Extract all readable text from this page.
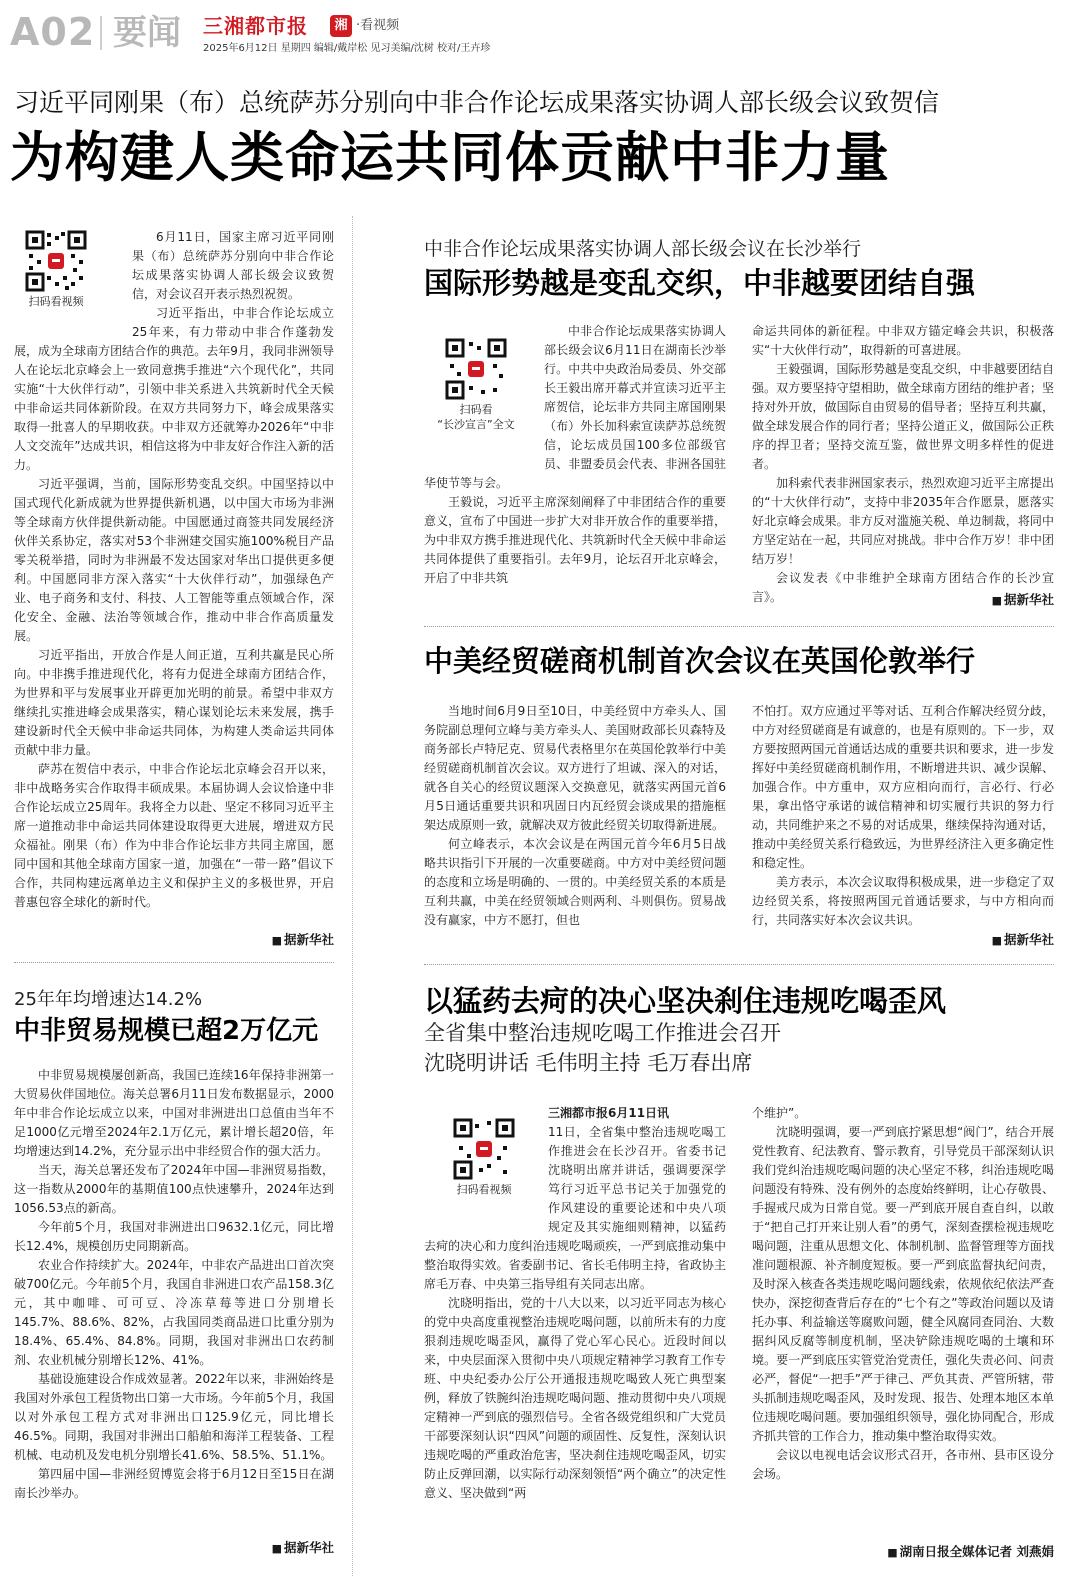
A02 要闻 三湘都市报	湘 ·看视频
2025年6月12日 星期四 编辑/戴岸松 见习美编/沈树 校对/王卉珍
习近平同刚果（布）总统萨苏分别向中非合作论坛成果落实协调人部长级会议致贺信
为构建人类命运共同体贡献中非力量
扫码看视频

6月11日，国家主席习近平同刚果（布）总统萨苏分别向中非合作论坛成果落实协调人部长级会议致贺信，对会议召开表示热烈祝贺。

习近平指出，中非合作论坛成立25年来，有力带动中非合作蓬勃发展，成为全球南方团结合作的典范。去年9月，我同非洲领导人在论坛北京峰会上一致同意携手推进“六个现代化”，共同实施“十大伙伴行动”，引领中非关系进入共筑新时代全天候中非命运共同体新阶段。在双方共同努力下，峰会成果落实取得一批喜人的早期收获。中非双方还就筹办2026年“中非人文交流年”达成共识，相信这将为中非友好合作注入新的活力。

习近平强调，当前，国际形势变乱交织。中国坚持以中国式现代化新成就为世界提供新机遇，以中国大市场为非洲等全球南方伙伴提供新动能。中国愿通过商签共同发展经济伙伴关系协定，落实对53个非洲建交国实施100%税目产品零关税举措，同时为非洲最不发达国家对华出口提供更多便利。中国愿同非方深入落实“十大伙伴行动”，加强绿色产业、电子商务和支付、科技、人工智能等重点领域合作，深化安全、金融、法治等领域合作，推动中非合作高质量发展。

习近平指出，开放合作是人间正道，互利共赢是民心所向。中非携手推进现代化，将有力促进全球南方团结合作，为世界和平与发展事业开辟更加光明的前景。希望中非双方继续扎实推进峰会成果落实，精心谋划论坛未来发展，携手建设新时代全天候中非命运共同体，为构建人类命运共同体贡献中非力量。

萨苏在贺信中表示，中非合作论坛北京峰会召开以来，非中战略务实合作取得丰硕成果。本届协调人会议恰逢中非合作论坛成立25周年。我将全力以赴、坚定不移同习近平主席一道推动非中命运共同体建设取得更大进展，增进双方民众福祉。刚果（布）作为中非合作论坛非方共同主席国，愿同中国和其他全球南方国家一道，加强在“一带一路”倡议下合作，共同构建远离单边主义和保护主义的多极世界，开启普惠包容全球化的新时代。

■ 据新华社
25年年均增速达14.2%
中非贸易规模已超2万亿元

中非贸易规模屡创新高，我国已连续16年保持非洲第一大贸易伙伴国地位。海关总署6月11日发布数据显示，2000年中非合作论坛成立以来，中国对非洲进出口总值由当年不足1000亿元增至2024年2.1万亿元，累计增长超20倍，年均增速达到14.2%，充分显示出中非经贸合作的强大活力。

当天，海关总署还发布了2024年中国—非洲贸易指数，这一指数从2000年的基期值100点快速攀升，2024年达到1056.53点的新高。

今年前5个月，我国对非洲进出口9632.1亿元，同比增长12.4%，规模创历史同期新高。

农业合作持续扩大。2024年，中非农产品进出口首次突破700亿元。今年前5个月，我国自非洲进口农产品158.3亿元，其中咖啡、可可豆、冷冻草莓等进口分别增长145.7%、88.6%、82%，占我国同类商品进口比重分别为18.4%、65.4%、84.8%。同期，我国对非洲出口农药制剂、农业机械分别增长12%、41%。

基础设施建设合作成效显著。2022年以来，非洲始终是我国对外承包工程货物出口第一大市场。今年前5个月，我国以对外承包工程方式对非洲出口125.9亿元，同比增长46.5%。同期，我国对非洲出口船舶和海洋工程装备、工程机械、电动机及发电机分别增长41.6%、58.5%、51.1%。

第四届中国—非洲经贸博览会将于6月12日至15日在湖南长沙举办。

■ 据新华社
中非合作论坛成果落实协调人部长级会议在长沙举行
国际形势越是变乱交织，中非越要团结自强
扫码看
“长沙宣言”全文

中非合作论坛成果落实协调人部长级会议6月11日在湖南长沙举行。中共中央政治局委员、外交部长王毅出席开幕式并宣读习近平主席贺信，论坛非方共同主席国刚果（布）外长加科索宣读萨苏总统贺信，论坛成员国100多位部级官员、非盟委员会代表、非洲各国驻华使节等与会。

王毅说，习近平主席深刻阐释了中非团结合作的重要意义，宣布了中国进一步扩大对非开放合作的重要举措，为中非双方携手推进现代化、共筑新时代全天候中非命运共同体提供了重要指引。去年9月，论坛召开北京峰会，开启了中非共筑

命运共同体的新征程。中非双方锚定峰会共识，积极落实“十大伙伴行动”，取得新的可喜进展。

王毅强调，国际形势越是变乱交织，中非越要团结自强。双方要坚持守望相助，做全球南方团结的维护者；坚持对外开放，做国际自由贸易的倡导者；坚持互利共赢，做全球发展合作的同行者；坚持公道正义，做国际公正秩序的捍卫者；坚持交流互鉴，做世界文明多样性的促进者。

加科索代表非洲国家表示，热烈欢迎习近平主席提出的“十大伙伴行动”，支持中非2035年合作愿景，愿落实好北京峰会成果。非方反对滥施关税、单边制裁，将同中方坚定站在一起，共同应对挑战。非中合作万岁！非中团结万岁！

会议发表《中非维护全球南方团结合作的长沙宣言》。

■	据新华社
中美经贸磋商机制首次会议在英国伦敦举行

当地时间6月9日至10日，中美经贸中方牵头人、国务院副总理何立峰与美方牵头人、美国财政部长贝森特及商务部长卢特尼克、贸易代表格里尔在英国伦敦举行中美经贸磋商机制首次会议。双方进行了坦诚、深入的对话，就各自关心的经贸议题深入交换意见，就落实两国元首6月5日通话重要共识和巩固日内瓦经贸会谈成果的措施框架达成原则一致，就解决双方彼此经贸关切取得新进展。

何立峰表示，本次会议是在两国元首今年6月5日战略共识指引下开展的一次重要磋商。中方对中美经贸问题的态度和立场是明确的、一贯的。中美经贸关系的本质是互利共赢，中美在经贸领域合则两利、斗则俱伤。贸易战没有赢家，中方不愿打，但也

不怕打。双方应通过平等对话、互利合作解决经贸分歧，中方对经贸磋商是有诚意的，也是有原则的。下一步，双方要按照两国元首通话达成的重要共识和要求，进一步发挥好中美经贸磋商机制作用，不断增进共识、减少误解、加强合作。中方重申，双方应相向而行，言必行、行必果，拿出恪守承诺的诚信精神和切实履行共识的努力行动，共同维护来之不易的对话成果，继续保持沟通对话，推动中美经贸关系行稳致远，为世界经济注入更多确定性和稳定性。

美方表示，本次会议取得积极成果，进一步稳定了双边经贸关系，将按照两国元首通话要求，与中方相向而行，共同落实好本次会议共识。

■ 据新华社
以猛药去疴的决心坚决刹住违规吃喝歪风
全省集中整治违规吃喝工作推进会召开
沈晓明讲话 毛伟明主持 毛万春出席
扫码看视频

三湘都市报6月11日讯

11日，全省集中整治违规吃喝工作推进会在长沙召开。省委书记沈晓明出席并讲话，强调要深学笃行习近平总书记关于加强党的作风建设的重要论述和中央八项规定及其实施细则精神，以猛药去疴的决心和力度纠治违规吃喝顽疾，一严到底推动集中整治取得实效。省委副书记、省长毛伟明主持，省政协主席毛万春、中央第三指导组有关同志出席。

沈晓明指出，党的十八大以来，以习近平同志为核心的党中央高度重视整治违规吃喝问题，以前所未有的力度狠刹违规吃喝歪风，赢得了党心军心民心。近段时间以来，中央层面深入贯彻中央八项规定精神学习教育工作专班、中央纪委办公厅公开通报违规吃喝致人死亡典型案例，释放了铁腕纠治违规吃喝问题、推动贯彻中央八项规定精神一严到底的强烈信号。全省各级党组织和广大党员干部要深刻认识“四风”问题的顽固性、反复性，深刻认识违规吃喝的严重政治危害，坚决刹住违规吃喝歪风，切实防止反弹回潮，以实际行动深刻领悟“两个确立”的决定性意义、坚决做到“两

个维护”。

沈晓明强调，要一严到底拧紧思想“阀门”，结合开展党性教育、纪法教育、警示教育，引导党员干部深刻认识我们党纠治违规吃喝问题的决心坚定不移，纠治违规吃喝问题没有特殊、没有例外的态度始终鲜明，让心存敬畏、手握戒尺成为日常自觉。要一严到底开展自查自纠，以敢于“把自己打开来让别人看”的勇气，深刻查摆检视违规吃喝问题，注重从思想文化、体制机制、监督管理等方面找准问题根源、补齐制度短板。要一严到底监督执纪问责，及时深入核查各类违规吃喝问题线索，依规依纪依法严查快办，深挖彻查背后存在的“七个有之”等政治问题以及请托办事、利益输送等腐败问题，健全风腐同查同治、大数据纠风反腐等制度机制，坚决铲除违规吃喝的土壤和环境。要一严到底压实管党治党责任，强化失责必问、问责必严，督促“一把手”严于律己、严负其责、严管所辖，带头抓制违规吃喝歪风，及时发现、报告、处理本地区本单位违规吃喝问题。要加强组织领导，强化协同配合，形成齐抓共管的工作合力，推动集中整治取得实效。

会议以电视电话会议形式召开，各市州、县市区设分会场。

■ 湖南日报全媒体记者 刘燕娟
